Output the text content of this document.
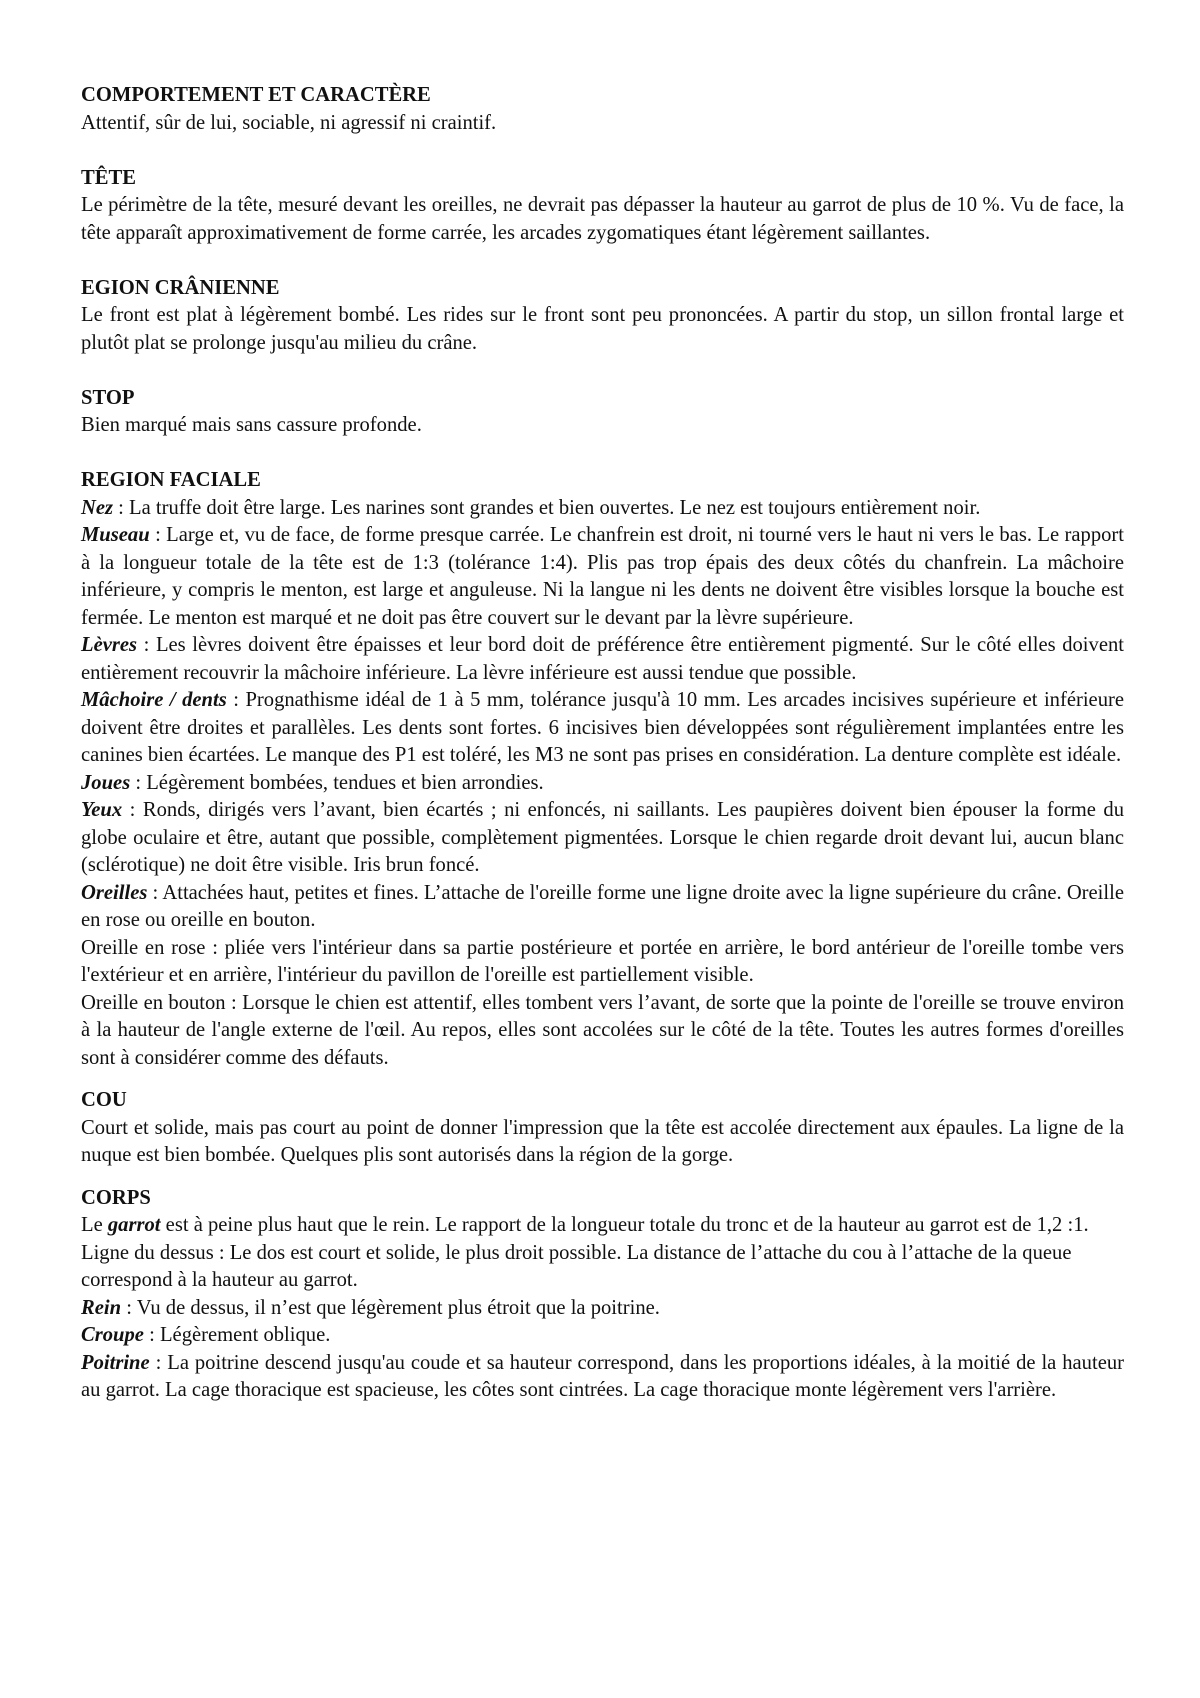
COMPORTEMENT ET CARACTÈRE

Attentif, sûr de lui, sociable, ni agressif ni craintif.

TÊTE

Le périmètre de la tête, mesuré devant les oreilles, ne devrait pas dépasser la hauteur au garrot de plus de 10 %. Vu de face, la tête apparaît approximativement de forme carrée, les arcades zygomatiques étant légèrement saillantes.

EGION CRÂNIENNE

Le front est plat à légèrement bombé. Les rides sur le front sont peu prononcées. A partir du stop, un sillon frontal large et plutôt plat se prolonge jusqu'au milieu du crâne.

STOP

Bien marqué mais sans cassure profonde.

REGION FACIALE

Nez : La truffe doit être large. Les narines sont grandes et bien ouvertes. Le nez est toujours entièrement noir.

Museau : Large et, vu de face, de forme presque carrée. Le chanfrein est droit, ni tourné vers le haut ni vers le bas. Le rapport à la longueur totale de la tête est de 1:3 (tolérance 1:4). Plis pas trop épais des deux côtés du chanfrein. La mâchoire inférieure, y compris le menton, est large et anguleuse. Ni la langue ni les dents ne doivent être visibles lorsque la bouche est fermée. Le menton est marqué et ne doit pas être couvert sur le devant par la lèvre supérieure.

Lèvres : Les lèvres doivent être épaisses et leur bord doit de préférence être entièrement pigmenté. Sur le côté elles doivent entièrement recouvrir la mâchoire inférieure. La lèvre inférieure est aussi tendue que possible.

Mâchoire / dents : Prognathisme idéal de 1 à 5 mm, tolérance jusqu'à 10 mm. Les arcades incisives supérieure et inférieure doivent être droites et parallèles. Les dents sont fortes. 6 incisives bien développées sont régulièrement implantées entre les canines bien écartées. Le manque des P1 est toléré, les M3 ne sont pas prises en considération. La denture complète est idéale.

Joues : Légèrement bombées, tendues et bien arrondies.

Yeux : Ronds, dirigés vers l’avant, bien écartés ; ni enfoncés, ni saillants. Les paupières doivent bien épouser la forme du globe oculaire et être, autant que possible, complètement pigmentées. Lorsque le chien regarde droit devant lui, aucun blanc (sclérotique) ne doit être visible. Iris brun foncé.

Oreilles : Attachées haut, petites et fines. L’attache de l'oreille forme une ligne droite avec la ligne supérieure du crâne. Oreille en rose ou oreille en bouton.

Oreille en rose : pliée vers l'intérieur dans sa partie postérieure et portée en arrière, le bord antérieur de l'oreille tombe vers l'extérieur et en arrière, l'intérieur du pavillon de l'oreille est partiellement visible.

Oreille en bouton : Lorsque le chien est attentif, elles tombent vers l’avant, de sorte que la pointe de l'oreille se trouve environ à la hauteur de l'angle externe de l'œil. Au repos, elles sont accolées sur le côté de la tête. Toutes les autres formes d'oreilles sont à considérer comme des défauts.

COU

Court et solide, mais pas court au point de donner l'impression que la tête est accolée directement aux épaules. La ligne de la nuque est bien bombée. Quelques plis sont autorisés dans la région de la gorge.

CORPS

Le garrot est à peine plus haut que le rein. Le rapport de la longueur totale du tronc et de la hauteur au garrot est de 1,2 :1.

Ligne du dessus : Le dos est court et solide, le plus droit possible. La distance de l’attache du cou à l’attache de la queue correspond à la hauteur au garrot.

Rein : Vu de dessus, il n’est que légèrement plus étroit que la poitrine.

Croupe : Légèrement oblique.

Poitrine : La poitrine descend jusqu'au coude et sa hauteur correspond, dans les proportions idéales, à la moitié de la hauteur au garrot. La cage thoracique est spacieuse, les côtes sont cintrées. La cage thoracique monte légèrement vers l'arrière.
